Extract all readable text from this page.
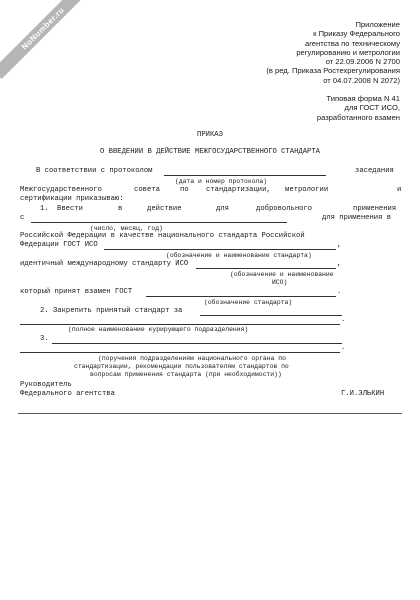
NoNumber.ru	Приложение
к Приказу Федерального
агентства по техническому
регулированию и метрологии
от 22.09.2006 N 2700
(в ред. Приказа Ростехрегулирования
от 04.07.2008 N 2072)
Типовая форма N 41
для ГОСТ ИСО,
разработанного взамен
ПРИКАЗ
О ВВЕДЕНИИ В ДЕЙСТВИЕ МЕЖГОСУДАРСТВЕННОГО СТАНДАРТА
В соответствии с протоколом	заседания
(дата и номер протокола)
Межгосударственного	совета	по стандартизации, метрологии	и
сертификации приказываю:
1. Ввести	в	действие	для	добровольного	применения
с	для применения в
(число, месяц, год)
Российской Федерации в качестве национального стандарта Российской
Федерации ГОСТ ИСО	,
(обозначение и наименование стандарта)
идентичный международному стандарту ИСО	,
(обозначение и наименование
ИСО)
который принят взамен ГОСТ	.
(обозначение стандарта)
2. Закрепить принятый стандарт за
.
(полное наименование курирующего подразделения)
3.
.
(поручения подразделениям национального органа по
стандартизации, рекомендации пользователям стандартов по
вопросам применения стандарта (при необходимости))
Руководитель
Федерального агентства	Г.И.ЭЛЬКИН
